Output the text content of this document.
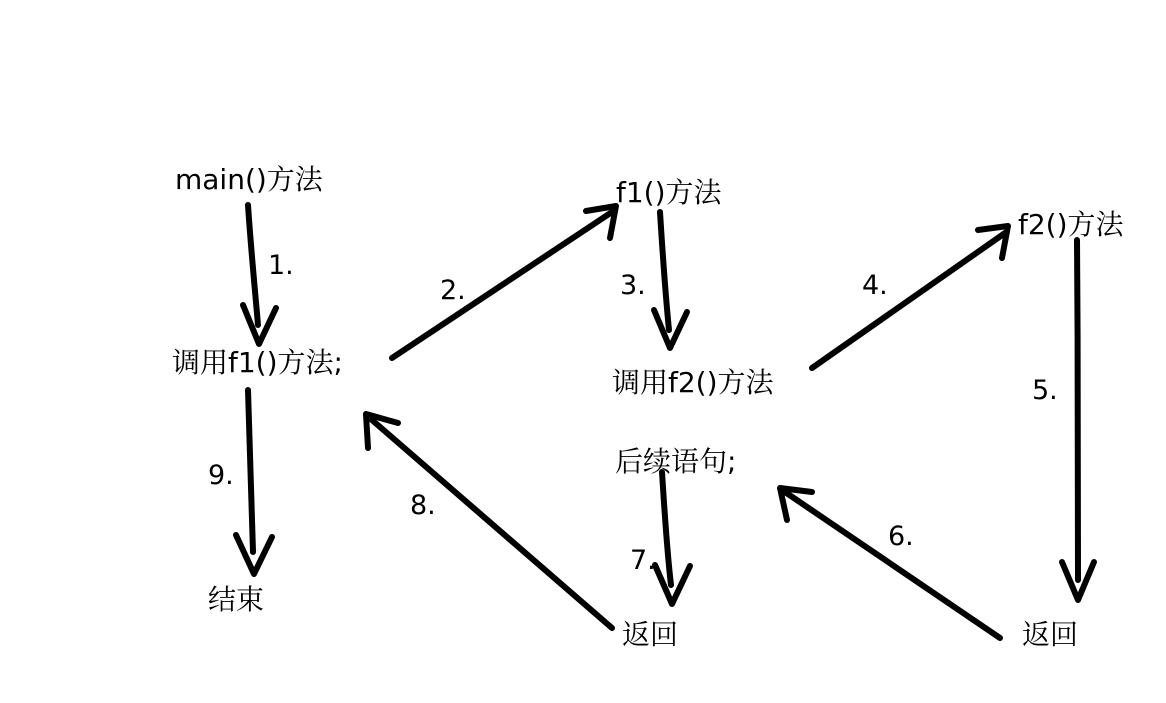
main()方法
调用f1()方法;
结束
f1()方法
调用f2()方法
后续语句;
返回
f2()方法
返回
1.
2.	3.	4.
5.
6.
7.
8.
9.
